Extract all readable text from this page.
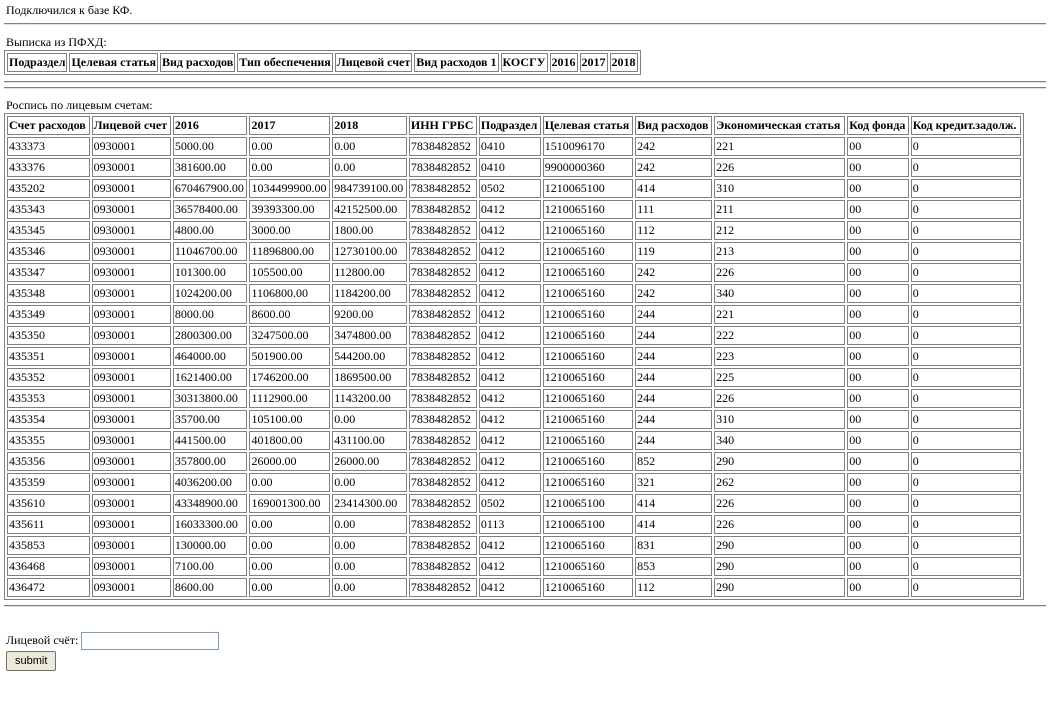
Подключился к базе КФ.
Выписка из ПФХД:
Подраздел	Целевая статья	Вид расходов	Тип обеспечения	Лицевой счет	Вид расходов 1	КОСГУ	2016	2017	2018
Роспись по лицевым счетам:
Счет расходов	Лицевой счет	2016	2017	2018	ИНН ГРБС	Подраздел	Целевая статья	Вид расходов	Экономическая статья	Код фонда	Код кредит.задолж.
433373	0930001	5000.00	0.00	0.00	7838482852	0410	1510096170	242	221	00	0
433376	0930001	381600.00	0.00	0.00	7838482852	0410	9900000360	242	226	00	0
435202	0930001	670467900.00	1034499900.00	984739100.00	7838482852	0502	1210065100	414	310	00	0
435343	0930001	36578400.00	39393300.00	42152500.00	7838482852	0412	1210065160	111	211	00	0
435345	0930001	4800.00	3000.00	1800.00	7838482852	0412	1210065160	112	212	00	0
435346	0930001	11046700.00	11896800.00	12730100.00	7838482852	0412	1210065160	119	213	00	0
435347	0930001	101300.00	105500.00	112800.00	7838482852	0412	1210065160	242	226	00	0
435348	0930001	1024200.00	1106800.00	1184200.00	7838482852	0412	1210065160	242	340	00	0
435349	0930001	8000.00	8600.00	9200.00	7838482852	0412	1210065160	244	221	00	0
435350	0930001	2800300.00	3247500.00	3474800.00	7838482852	0412	1210065160	244	222	00	0
435351	0930001	464000.00	501900.00	544200.00	7838482852	0412	1210065160	244	223	00	0
435352	0930001	1621400.00	1746200.00	1869500.00	7838482852	0412	1210065160	244	225	00	0
435353	0930001	30313800.00	1112900.00	1143200.00	7838482852	0412	1210065160	244	226	00	0
435354	0930001	35700.00	105100.00	0.00	7838482852	0412	1210065160	244	310	00	0
435355	0930001	441500.00	401800.00	431100.00	7838482852	0412	1210065160	244	340	00	0
435356	0930001	357800.00	26000.00	26000.00	7838482852	0412	1210065160	852	290	00	0
435359	0930001	4036200.00	0.00	0.00	7838482852	0412	1210065160	321	262	00	0
435610	0930001	43348900.00	169001300.00	23414300.00	7838482852	0502	1210065100	414	226	00	0
435611	0930001	16033300.00	0.00	0.00	7838482852	0113	1210065100	414	226	00	0
435853	0930001	130000.00	0.00	0.00	7838482852	0412	1210065160	831	290	00	0
436468	0930001	7100.00	0.00	0.00	7838482852	0412	1210065160	853	290	00	0
436472	0930001	8600.00	0.00	0.00	7838482852	0412	1210065160	112	290	00	0
Лицевой счёт:
submit
